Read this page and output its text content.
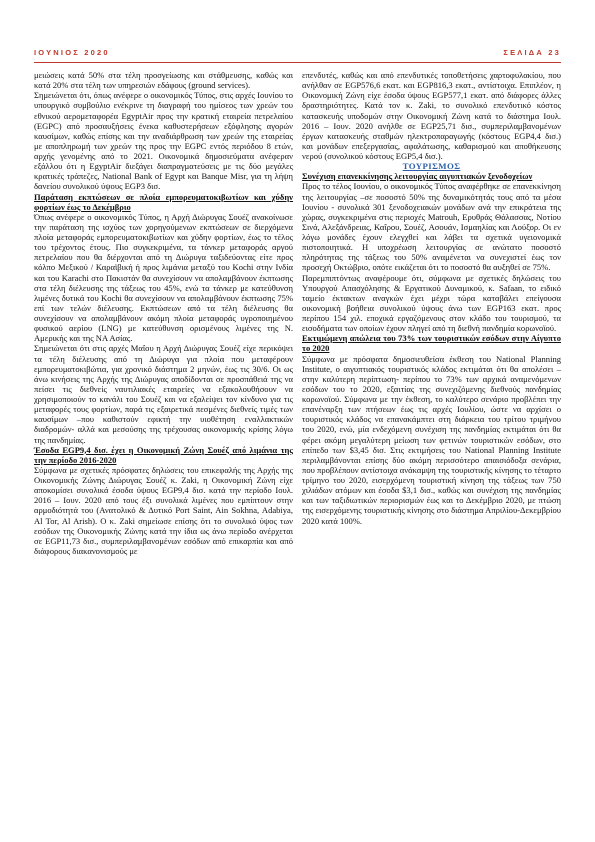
ΙΟΥΝΙΟΣ 2020	ΣΕΛΙΔΑ 23

μειώσεις κατά 50% στα τέλη προσγείωσης και στάθμευσης, καθώς και κατά 20% στα τέλη των υπηρεσιών εδάφους (ground services).

Σημειώνεται ότι, όπως ανέφερε ο οικονομικός Τύπος, στις αρχές Ιουνίου το υπουργικό συμβούλιο ενέκρινε τη διαγραφή του ημίσεος των χρεών του εθνικού αερομεταφορέα EgyptAir προς την κρατική εταιρεία πετρελαίου (EGPC) από προσαυξήσεις ένεκα καθυστερήσεων εξόφλησης αγορών καυσίμων, καθώς επίσης και την αναδιάρθρωση των χρεών της εταιρείας με αποπληρωμή των χρεών της προς την EGPC εντός περιόδου 8 ετών, αρχής γενομένης από το 2021. Οικονομικά δημοσιεύματα ανέφεραν εξάλλου ότι η EgyptAir διεξάγει διαπραγματεύσεις με τις δύο μεγάλες κρατικές τράπεζες, National Bank of Egypt και Banque Misr, για τη λήψη δανείου συνολικού ύψους EGP3 δισ.

Παράταση εκπτώσεων σε πλοία εμπορευματοκιβωτίων και χύδην φορτίων έως το Δεκέμβριο

Όπως ανέφερε ο οικονομικός Τύπος, η Αρχή Διώρυγας Σουέζ ανακοίνωσε την παράταση της ισχύος των χορηγούμενων εκπτώσεων σε διερχόμενα πλοία μεταφοράς εμπορευματοκιβωτίων και χύδην φορτίων, έως το τέλος του τρέχοντος έτους. Πιο συγκεκριμένα, τα τάνκερ μεταφοράς αργού πετρελαίου που θα διέρχονται από τη Διώρυγα ταξιδεύοντας είτε προς κόλπο Μεξικού / Καραϊβική ή προς λιμάνια μεταξύ του Kochi στην Ινδία και του Karachi στο Πακιστάν θα συνεχίσουν να απολαμβάνουν έκπτωσης στα τέλη διέλευσης της τάξεως του 45%, ενώ τα τάνκερ με κατεύθυνση λιμένες δυτικά του Kochi θα συνεχίσουν να απολαμβάνουν έκπτωσης 75% επί των τελών διέλευσης. Εκπτώσεων από τα τέλη διέλευσης θα συνεχίσουν να απολαμβάνουν ακόμη πλοία μεταφοράς υγροποιημένου φυσικού αερίου (LNG) με κατεύθυνση ορισμένους λιμένες της Ν. Αμερικής και της ΝΑ Ασίας.

Σημειώνεται ότι στις αρχές Μαΐου η Αρχή Διώρυγας Σουέζ είχε περικόψει τα τέλη διέλευσης από τη Διώρυγα για πλοία που μεταφέρουν εμπορευματοκιβώτια, για χρονικό διάστημα 2 μηνών, έως τις 30/6. Οι ως άνω κινήσεις της Αρχής της Διώρυγας αποδίδονται σε προσπάθειά της να πείσει τις διεθνείς ναυτιλιακές εταιρείες να εξακολουθήσουν να χρησιμοποιούν το κανάλι του Σουέζ και να εξαλείψει τον κίνδυνο για τις μεταφορές τους φορτίων, παρά τις εξαιρετικά πεσμένες διεθνείς τιμές των καυσίμων –που καθιστούν εφικτή την υιοθέτηση εναλλακτικών διαδρομών- αλλά και μεσούσης της τρέχουσας οικονομικής κρίσης λόγω της πανδημίας.

Έσοδα EGP9,4 δισ. έχει η Οικονομική Ζώνη Σουέζ από λιμάνια της την περίοδο 2016-2020

Σύμφωνα με σχετικές πρόσφατες δηλώσεις του επικεφαλής της Αρχής της Οικονομικής Ζώνης Διώρυγας Σουέζ κ. Zaki, η Οικονομική Ζώνη είχε αποκομίσει συνολικά έσοδα ύψους EGP9,4 δισ. κατά την περίοδο Ιουλ. 2016 – Ιουν. 2020 από τους έξι συνολικά λιμένες που εμπίπτουν στην αρμοδιότητά του (Ανατολικό & Δυτικό Port Saint, Ain Sokhna, Adabiya, Al Tor, Al Arish). Ο κ. Zaki σημείωσε επίσης ότι το συνολικό ύψος των εσόδων της Οικονομικής Ζώνης κατά την ίδια ως άνω περίοδο ανέρχεται σε EGP11,73 δισ., συμπεριλαμβανομένων εσόδων από επικαρπία και από διάφορους διακανονισμούς με

επενδυτές, καθώς και από επενδυτικές τοποθετήσεις χαρτοφυλακίου, που ανήλθαν σε EGP576,6 εκατ. και EGP816,3 εκατ., αντίστοιχα. Επιπλέον, η Οικονομική Ζώνη είχε έσοδα ύψους EGP577,1 εκατ. από διάφορες άλλες δραστηριότητες. Κατά τον κ. Zaki, το συνολικό επενδυτικό κόστος κατασκευής υποδομών στην Οικονομική Ζώνη κατά το διάστημα Ιουλ. 2016 – Ιουν. 2020 ανήλθε σε EGP25,71 δισ., συμπεριλαμβανομένων έργων κατασκευής σταθμών ηλεκτροπαραγωγής (κόστους EGP4,4 δισ.) και μονάδων επεξεργασίας, αφαλάτωσης, καθαρισμού και αποθήκευσης νερού (συνολικού κόστους EGP5,4 δισ.).

ΤΟΥΡΙΣΜΟΣ

Συνέχιση επανεκκίνησης λειτουργίας αιγυπτιακών ξενοδοχείων

Προς το τέλος Ιουνίου, ο οικονομικός Τύπος αναφέρθηκε σε επανεκκίνηση της λειτουργίας –σε ποσοστό 50% της δυναμικότητάς τους από τα μέσα Ιουνίου - συνολικά 301 ξενοδοχειακών μονάδων ανά την επικράτεια της χώρας, συγκεκριμένα στις περιοχές Matrouh, Ερυθράς Θάλασσας, Νοτίου Σινά, Αλεξάνδρειας, Καΐρου, Σουέζ, Ασουάν, Ισμαηλίας και Λούξορ. Οι εν λόγω μονάδες έχουν ελεγχθεί και λάβει τα σχετικά υγειονομικά πιστοποιητικά. Η υποχρέωση λειτουργίας σε ανώτατο ποσοστό πληρότητας της τάξεως του 50% αναμένεται να συνεχιστεί έως τον προσεχή Οκτώβριο, οπότε εικάζεται ότι το ποσοστό θα αυξηθεί σε 75%.

Παρεμπιπτόντως αναφέρουμε ότι, σύμφωνα με σχετικές δηλώσεις του Υπουργού Απασχόλησης & Εργατικού Δυναμικού, κ. Safaan, το ειδικό ταμείο έκτακτων αναγκών έχει μέχρι τώρα καταβάλει επείγουσα οικονομική βοήθεια συνολικού ύψους άνω των EGP163 εκατ. προς περίπου 154 χιλ. εποχικά εργαζόμενους στον κλάδο του τουρισμού, τα εισοδήματα των οποίων έχουν πληγεί από τη διεθνή πανδημία κορωνοϊού.

Εκτιμώμενη απώλεια του 73% των τουριστικών εσόδων στην Αίγυπτο το 2020

Σύμφωνα με πρόσφατα δημοσιευθείσα έκθεση του National Planning Institute, ο αιγυπτιακός τουριστικός κλάδος εκτιμάται ότι θα απολέσει –στην καλύτερη περίπτωση- περίπου το 73% των αρχικά αναμενόμενων εσόδων του το 2020, εξαιτίας της συνεχιζόμενης διεθνούς πανδημίας κορωνοϊού. Σύμφωνα με την έκθεση, το καλύτερο σενάριο προβλέπει την επανέναρξη των πτήσεων έως τις αρχές Ιουλίου, ώστε να αρχίσει ο τουριστικός κλάδος να επανακάμπτει στη διάρκεια του τρίτου τριμήνου του 2020, ενώ, μία ενδεχόμενη συνέχιση της πανδημίας εκτιμάται ότι θα φέρει ακόμη μεγαλύτερη μείωση των φετινών τουριστικών εσόδων, στο επίπεδο των $3,45 δισ. Στις εκτιμήσεις του National Planning Institute περιλαμβάνονται επίσης δύο ακόμη περισσότερο απαισιόδοξα σενάρια, που προβλέπουν αντίστοιχα ανάκαμψη της τουριστικής κίνησης το τέταρτο τρίμηνο του 2020, εισερχόμενη τουριστική κίνηση της τάξεως των 750 χιλιάδων ατόμων και έσοδα $3,1 δισ., καθώς και συνέχιση της πανδημίας και των ταξιδιωτικών περιορισμών έως και το Δεκέμβριο 2020, με πτώση της εισερχόμενης τουριστικής κίνησης στο διάστημα Απριλίου-Δεκεμβρίου 2020 κατά 100%.
